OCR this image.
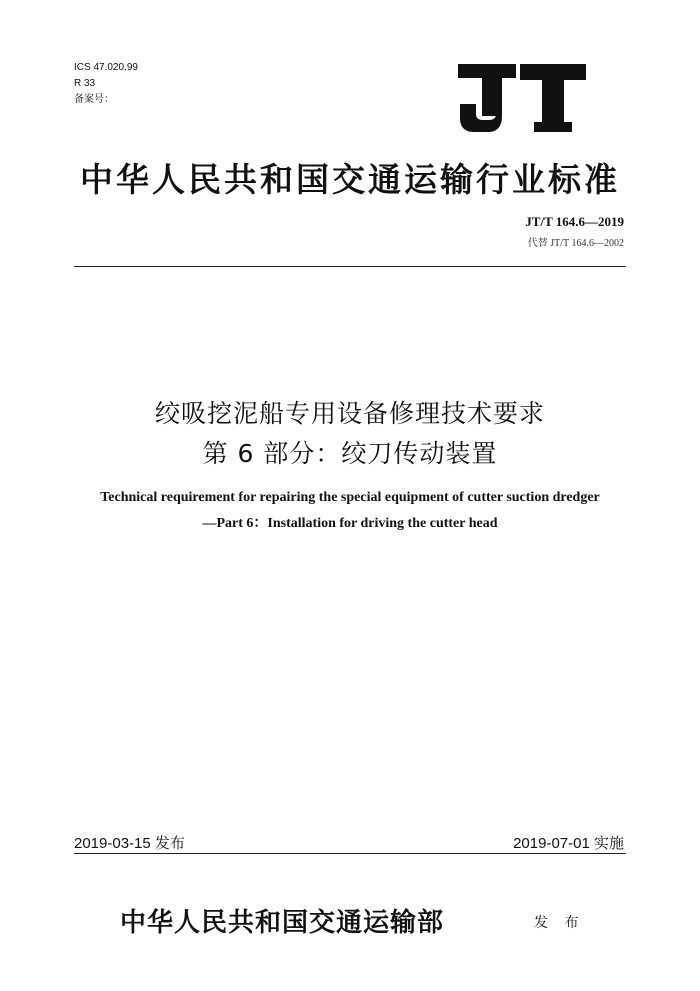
ICS 47.020.99
R 33
备案号：
中华人民共和国交通运输行业标准
JT/T 164.6—2019
代替 JT/T 164.6—2002
绞吸挖泥船专用设备修理技术要求
第 6 部分：绞刀传动装置
Technical requirement for repairing the special equipment of cutter suction dredger
—Part 6：Installation for driving the cutter head
2019-03-15 发布	2019-07-01 实施
中华人民共和国交通运输部	发 布
